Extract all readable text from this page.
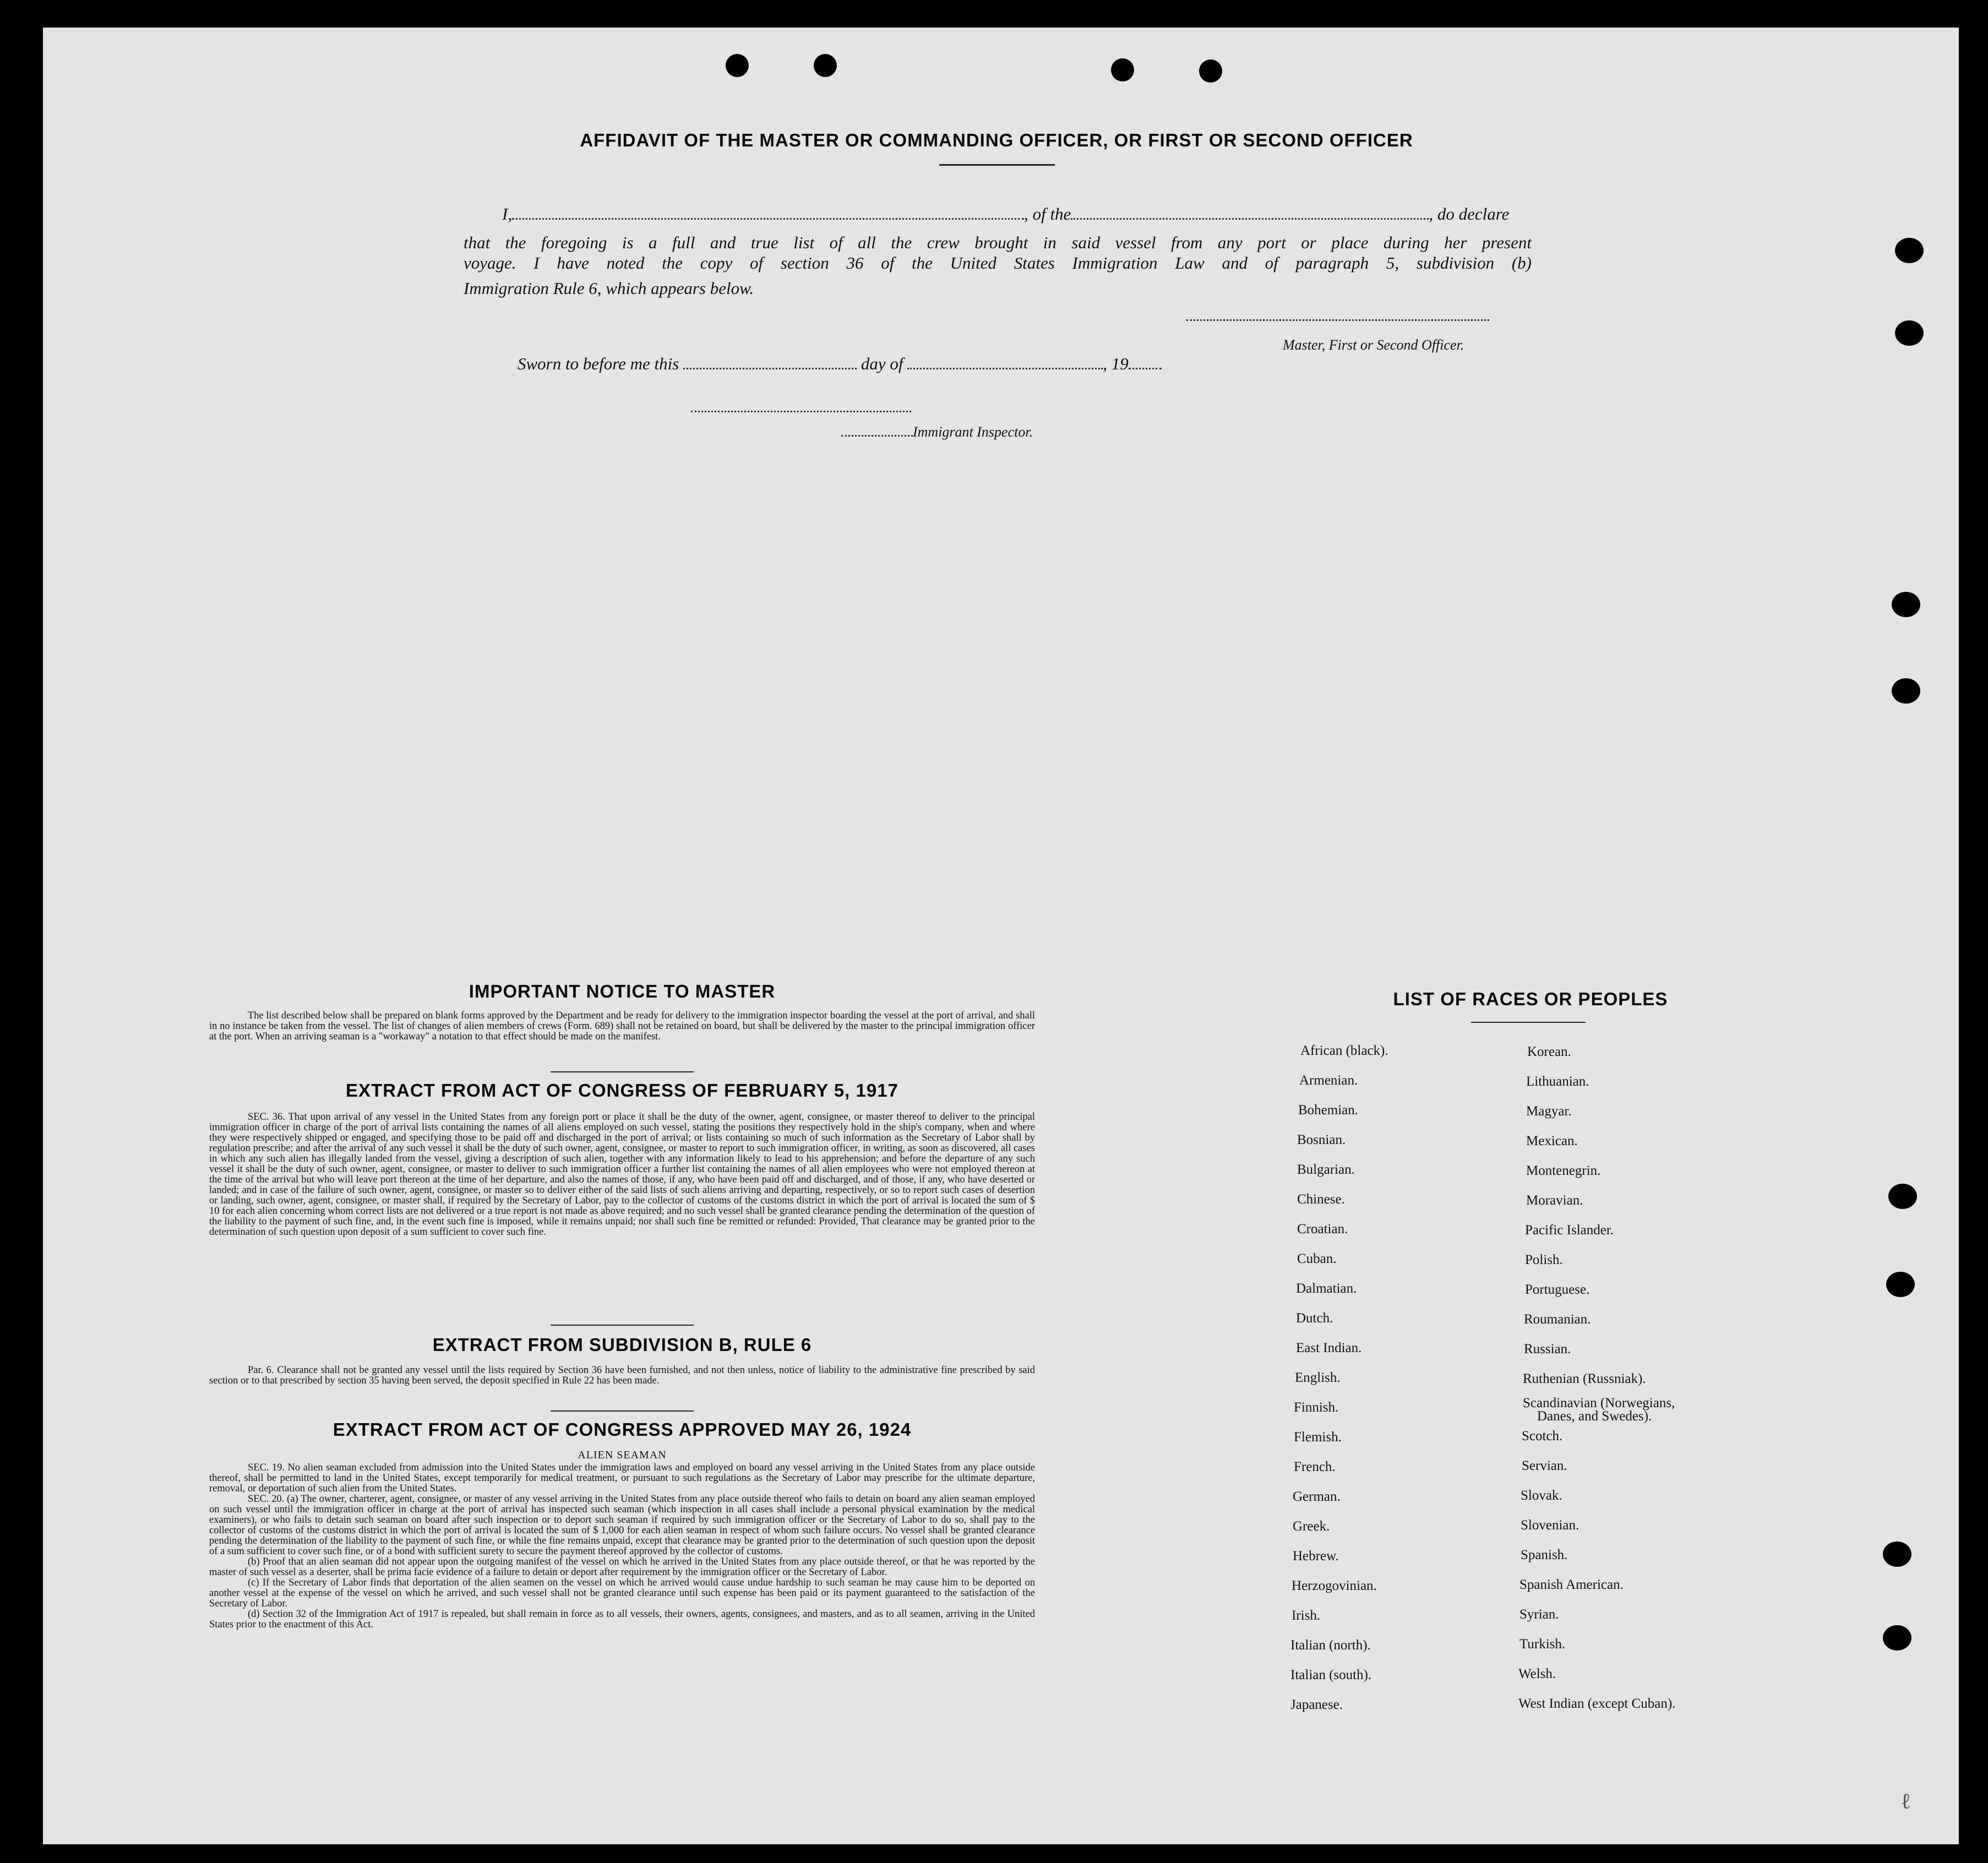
ℓ
AFFIDAVIT OF THE MASTER OR COMMANDING OFFICER, OR FIRST OR SECOND OFFICER
I,	, of the	, do declare
that the foregoing is a full and true list of all the crew brought in said vessel from any port or place during her present
voyage. I have noted the copy of section 36 of the United States Immigration Law and of paragraph 5, subdivision (b)
Immigration Rule 6, which appears below.
Master, First or Second Officer.
Sworn to before me this	day of	, 19
Immigrant Inspector.
IMPORTANT NOTICE TO MASTER

The list described below shall be prepared on blank forms approved by the Department and be ready for delivery to the immigration inspector boarding the vessel at the port of arrival, and shall in no instance be taken from the vessel. The list of changes of alien members of crews (Form. 689) shall not be retained on board, but shall be delivered by the master to the principal immigration officer at the port. When an arriving seaman is a "workaway" a notation to that effect should be made on the manifest.

EXTRACT FROM ACT OF CONGRESS OF FEBRUARY 5, 1917

SEC. 36. That upon arrival of any vessel in the United States from any foreign port or place it shall be the duty of the owner, agent, consignee, or master thereof to deliver to the principal immigration officer in charge of the port of arrival lists containing the names of all aliens employed on such vessel, stating the positions they respectively hold in the ship's company, when and where they were respectively shipped or engaged, and specifying those to be paid off and discharged in the port of arrival; or lists containing so much of such information as the Secretary of Labor shall by regulation prescribe; and after the arrival of any such vessel it shall be the duty of such owner, agent, consignee, or master to report to such immigration officer, in writing, as soon as discovered, all cases in which any such alien has illegally landed from the vessel, giving a description of such alien, together with any information likely to lead to his apprehension; and before the departure of any such vessel it shall be the duty of such owner, agent, consignee, or master to deliver to such immigration officer a further list containing the names of all alien employees who were not employed thereon at the time of the arrival but who will leave port thereon at the time of her departure, and also the names of those, if any, who have been paid off and discharged, and of those, if any, who have deserted or landed; and in case of the failure of such owner, agent, consignee, or master so to deliver either of the said lists of such aliens arriving and departing, respectively, or so to report such cases of desertion or landing, such owner, agent, consignee, or master shall, if required by the Secretary of Labor, pay to the collector of customs of the customs district in which the port of arrival is located the sum of $ 10 for each alien concerning whom correct lists are not delivered or a true report is not made as above required; and no such vessel shall be granted clearance pending the determination of the question of the liability to the payment of such fine, and, in the event such fine is imposed, while it remains unpaid; nor shall such fine be remitted or refunded: Provided, That clearance may be granted prior to the determination of such question upon deposit of a sum sufficient to cover such fine.

EXTRACT FROM SUBDIVISION B, RULE 6

Par. 6. Clearance shall not be granted any vessel until the lists required by Section 36 have been furnished, and not then unless, notice of liability to the administrative fine prescribed by said section or to that prescribed by section 35 having been served, the deposit specified in Rule 22 has been made.

EXTRACT FROM ACT OF CONGRESS APPROVED MAY 26, 1924

ALIEN SEAMAN

SEC. 19. No alien seaman excluded from admission into the United States under the immigration laws and employed on board any vessel arriving in the United States from any place outside thereof, shall be permitted to land in the United States, except temporarily for medical treatment, or pursuant to such regulations as the Secretary of Labor may prescribe for the ultimate departure, removal, or deportation of such alien from the United States.

SEC. 20. (a) The owner, charterer, agent, consignee, or master of any vessel arriving in the United States from any place outside thereof who fails to detain on board any alien seaman employed on such vessel until the immigration officer in charge at the port of arrival has inspected such seaman (which inspection in all cases shall include a personal physical examination by the medical examiners), or who fails to detain such seaman on board after such inspection or to deport such seaman if required by such immigration officer or the Secretary of Labor to do so, shall pay to the collector of customs of the customs district in which the port of arrival is located the sum of $ 1,000 for each alien seaman in respect of whom such failure occurs. No vessel shall be granted clearance pending the determination of the liability to the payment of such fine, or while the fine remains unpaid, except that clearance may be granted prior to the determination of such question upon the deposit of a sum sufficient to cover such fine, or of a bond with sufficient surety to secure the payment thereof approved by the collector of customs.

(b) Proof that an alien seaman did not appear upon the outgoing manifest of the vessel on which he arrived in the United States from any place outside thereof, or that he was reported by the master of such vessel as a deserter, shall be prima facie evidence of a failure to detain or deport after requirement by the immigration officer or the Secretary of Labor.

(c) If the Secretary of Labor finds that deportation of the alien seamen on the vessel on which he arrived would cause undue hardship to such seaman he may cause him to be deported on another vessel at the expense of the vessel on which he arrived, and such vessel shall not be granted clearance until such expense has been paid or its payment guaranteed to the satisfaction of the Secretary of Labor.

(d) Section 32 of the Immigration Act of 1917 is repealed, but shall remain in force as to all vessels, their owners, agents, consignees, and masters, and as to all seamen, arriving in the United States prior to the enactment of this Act.

LIST OF RACES OR PEOPLES
African (black).
Armenian.
Bohemian.
Bosnian.
Bulgarian.
Chinese.
Croatian.
Cuban.
Dalmatian.
Dutch.
East Indian.
English.
Finnish.
Flemish.
French.
German.
Greek.
Hebrew.
Herzogovinian.
Irish.
Italian (north).
Italian (south).
Japanese.
Korean.
Lithuanian.
Magyar.
Mexican.
Montenegrin.
Moravian.
Pacific Islander.
Polish.
Portuguese.
Roumanian.
Russian.
Ruthenian (Russniak).
Scandinavian (Norwegians,
Danes, and Swedes).
Scotch.
Servian.
Slovak.
Slovenian.
Spanish.
Spanish American.
Syrian.
Turkish.
Welsh.
West Indian (except Cuban).
